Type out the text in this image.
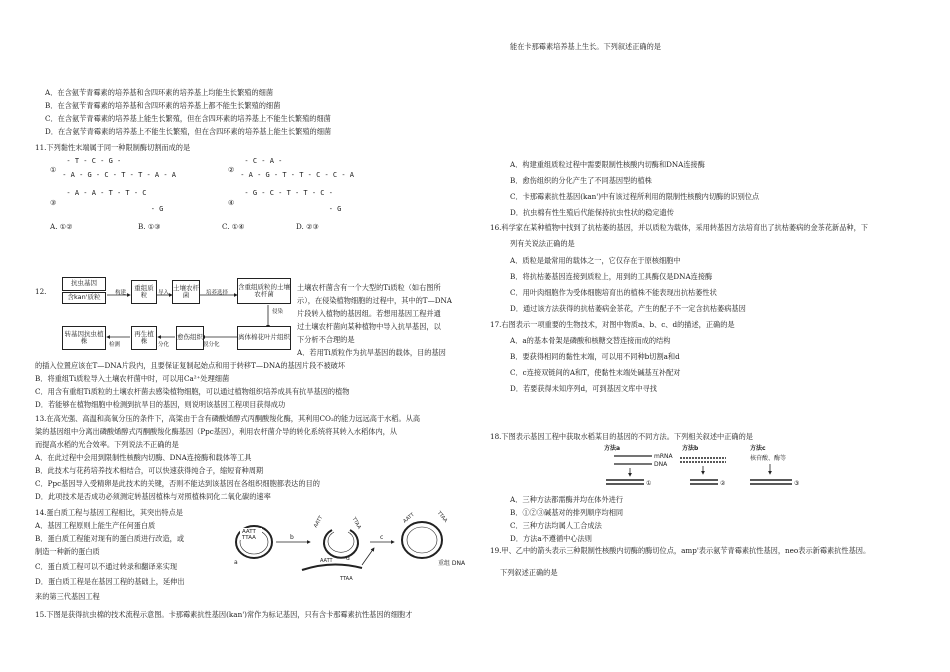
能在卡那霉素培养基上生长。下列叙述正确的是
A．在含氨苄青霉素的培养基和含四环素的培养基上均能生长繁殖的细菌
B．在含氨苄青霉素的培养基和含四环素的培养基上都不能生长繁殖的细菌
C．在含氨苄青霉素的培养基上能生长繁殖，但在含四环素的培养基上不能生长繁殖的细菌
D．在含氨苄青霉素的培养基上不能生长繁殖，但在含四环素的培养基上能生长繁殖的细菌
11.下列黏性末端属于同一种限制酶切割而成的是
①
- T - C - G -
- A - G - C - T - T - A - A
②
- C - A -
- A - G - T - T - C - C - A
③
- A - A - T - T - C
- G
④
- G - C - T - T - C -
- G
A. ①②	B. ①③	C. ①④	D. ②③
12.
抗虫基因
含kan'质粒
重组质粒
土壤农杆菌
含重组质粒的土壤农杆菌
转基因抗虫植株
再生植株	愈伤组织	离体棉花叶片组织
构建	导入	培养选择
侵染
检测	分化	脱分化
土壤农杆菌含有一个大型的Ti质粒（如右图所
示），在侵染植物细胞的过程中，其中的T—DNA
片段转入植物的基因组。若想用基因工程并通
过土壤农杆菌向某种植物中导入抗旱基因，以
下分析不合理的是
A．若用Ti质粒作为抗旱基因的载体，目的基因
的插入位置应该在T—DNA片段内，且要保证复制起始点和用于转移T—DNA的基因片段不被破坏
B．将重组Ti质粒导入土壤农杆菌中时，可以用Ca²⁺处理细菌
C．用含有重组Ti质粒的土壤农杆菌去感染植物细胞，可以通过植物组织培养成具有抗旱基因的植物
D．若能够在植物细胞中检测到抗旱目的基因，则说明该基因工程项目获得成功
13.在高光强、高温和高氧分压的条件下，高粱由于含有磷酸烯醇式丙酮酸羧化酶，其利用CO₂的能力远远高于水稻。从高
粱的基因组中分离出磷酸烯醇式丙酮酸羧化酶基因（Ppc基因），利用农杆菌介导的转化系统将其转入水稻体内，从
而提高水稻的光合效率。下列说法不正确的是
A．在此过程中会用到限制性核酸内切酶、DNA连接酶和载体等工具
B．此技术与花药培养技术相结合，可以快速获得纯合子，缩短育种周期
C．Ppc基因导入受精卵是此技术的关键，否则不能达到该基因在各组织细胞都表达的目的
D．此项技术是否成功必须测定转基因植株与对照植株同化二氧化碳的速率
14.蛋白质工程与基因工程相比，其突出特点是
A．基因工程原则上能生产任何蛋白质
B．蛋白质工程能对现有的蛋白质进行改造，或
制造一种新的蛋白质
C．蛋白质工程可以不通过转录和翻译来实现
D．蛋白质工程是在基因工程的基础上，延伸出
来的第三代基因工程
AATT
TTAA	b
AATT	TTAA
c
AATT	TTAA
重组 DNA
AATT
TTAA
d
a
15.下图是获得抗虫棉的技术流程示意图。卡那霉素抗性基因(kan')常作为标记基因，只有含卡那霉素抗性基因的细胞才
A．构建重组质粒过程中需要限制性核酸内切酶和DNA连接酶
B．愈伤组织的分化产生了不同基因型的植株
C．卡那霉素抗性基因(kan')中有该过程所利用的限制性核酸内切酶的识别位点
D．抗虫棉有性生殖后代能保持抗虫性状的稳定遗传
16.科学家在某种植物中找到了抗枯萎的基因，并以质粒为载体，采用转基因方法培育出了抗枯萎病的金茶花新品种，下
列有关说法正确的是
A．质粒是最常用的载体之一，它仅存在于原核细胞中
B．将抗枯萎基因连接到质粒上，用到的工具酶仅是DNA连接酶
C．用叶肉细胞作为受体细胞培育出的植株不能表现出抗枯萎性状
D．通过该方法获得的抗枯萎病金茶花，产生的配子不一定含抗枯萎病基因
17.右图表示一项重要的生物技术，对图中物质a、b、c、d的描述，正确的是
A．a的基本骨架是磷酸和核糖交替连接而成的结构
B．要获得相同的黏性末端，可以用不同种b切割a和d
C．c连接双链间的A和T，使黏性末端处碱基互补配对
D．若要获得未知序列d，可到基因文库中寻找
18.下图表示基因工程中获取水稻某目的基因的不同方法。下列相关叙述中正确的是
方法a
mRNA
DNA
①
方法b
②
方法c
核苷酸、酶等
③
A．三种方法都需酶并均在体外进行
B．①②③碱基对的排列顺序均相同
C．三种方法均属人工合成法
D．方法a不遵循中心法则
19.甲、乙中的箭头表示三种限制性核酸内切酶的酶切位点，amp'表示氨苄青霉素抗性基因，neo表示新霉素抗性基因。
下列叙述正确的是
